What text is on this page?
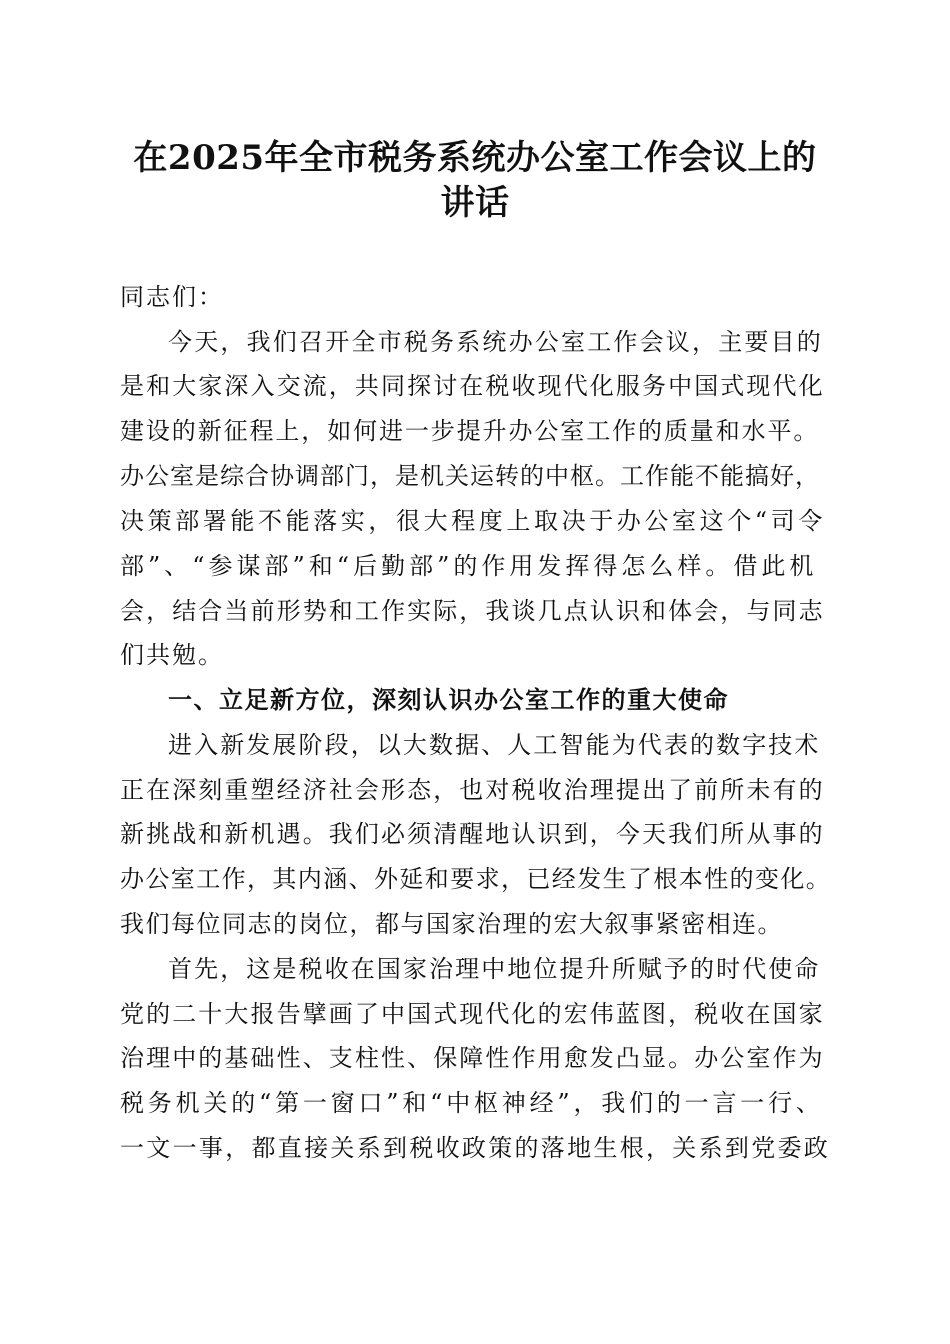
在2025年全市税务系统办公室工作会议上的
讲话
同志们：
今天，我们召开全市税务系统办公室工作会议，主要目的
是和大家深入交流，共同探讨在税收现代化服务中国式现代化
建设的新征程上，如何进一步提升办公室工作的质量和水平。
办公室是综合协调部门，是机关运转的中枢。工作能不能搞好，
决策部署能不能落实，很大程度上取决于办公室这个“司令
部”、“参谋部”和“后勤部”的作用发挥得怎么样。借此机
会，结合当前形势和工作实际，我谈几点认识和体会，与同志
们共勉。
一、立足新方位，深刻认识办公室工作的重大使命
进入新发展阶段，以大数据、人工智能为代表的数字技术
正在深刻重塑经济社会形态，也对税收治理提出了前所未有的
新挑战和新机遇。我们必须清醒地认识到，今天我们所从事的
办公室工作，其内涵、外延和要求，已经发生了根本性的变化。
我们每位同志的岗位，都与国家治理的宏大叙事紧密相连。
首先，这是税收在国家治理中地位提升所赋予的时代使命
党的二十大报告擘画了中国式现代化的宏伟蓝图，税收在国家
治理中的基础性、支柱性、保障性作用愈发凸显。办公室作为
税务机关的“第一窗口”和“中枢神经”，我们的一言一行、
一文一事，都直接关系到税收政策的落地生根，关系到党委政
